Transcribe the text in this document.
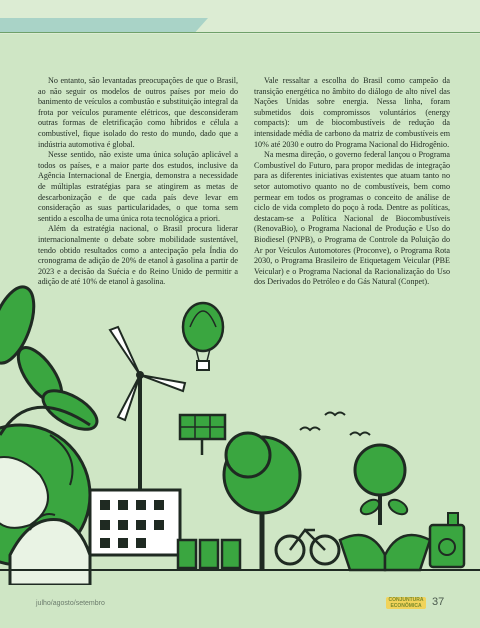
No entanto, são levantadas preocupações de que o Brasil, ao não seguir os modelos de outros países por meio do banimento de veículos a combustão e substituição integral da frota por veículos puramente elétricos, que desconsideram outras formas de eletrificação como híbridos e célula a combustível, fique isolado do resto do mundo, dado que a indústria automotiva é global.

Nesse sentido, não existe uma única solução aplicável a todos os países, e a maior parte dos estudos, inclusive da Agência Internacional de Energia, demonstra a necessidade de múltiplas estratégias para se atingirem as metas de descarbonização e de que cada país deve levar em consideração as suas particularidades, o que torna sem sentido a escolha de uma única rota tecnológica a priori.

Além da estratégia nacional, o Brasil procura liderar internacionalmente o debate sobre mobilidade sustentável, tendo obtido resultados como a antecipação pela Índia do cronograma de adição de 20% de etanol à gasolina a partir de 2023 e a decisão da Suécia e do Reino Unido de permitir a adição de até 10% de etanol à gasolina.

Vale ressaltar a escolha do Brasil como campeão da transição energética no âmbito do diálogo de alto nível das Nações Unidas sobre energia. Nessa linha, foram submetidos dois compromissos voluntários (energy compacts): um de biocombustíveis de redução da intensidade média de carbono da matriz de combustíveis em 10% até 2030 e outro do Programa Nacional do Hidrogênio.

Na mesma direção, o governo federal lançou o Programa Combustível do Futuro, para propor medidas de integração para as diferentes iniciativas existentes que atuam tanto no setor automotivo quanto no de combustíveis, bem como permear em todos os programas o conceito de análise de ciclo de vida completo do poço à roda. Dentre as políticas, destacam-se a Política Nacional de Biocombustíveis (RenovaBio), o Programa Nacional de Produção e Uso do Biodiesel (PNPB), o Programa de Controle da Poluição do Ar por Veículos Automotores (Proconve), o Programa Rota 2030, o Programa Brasileiro de Etiquetagem Veicular (PBE Veicular) e o Programa Nacional da Racionalização do Uso dos Derivados do Petróleo e do Gás Natural (Conpet).

julho/agosto/setembro	CONJUNTURA ECONÔMICA 37
